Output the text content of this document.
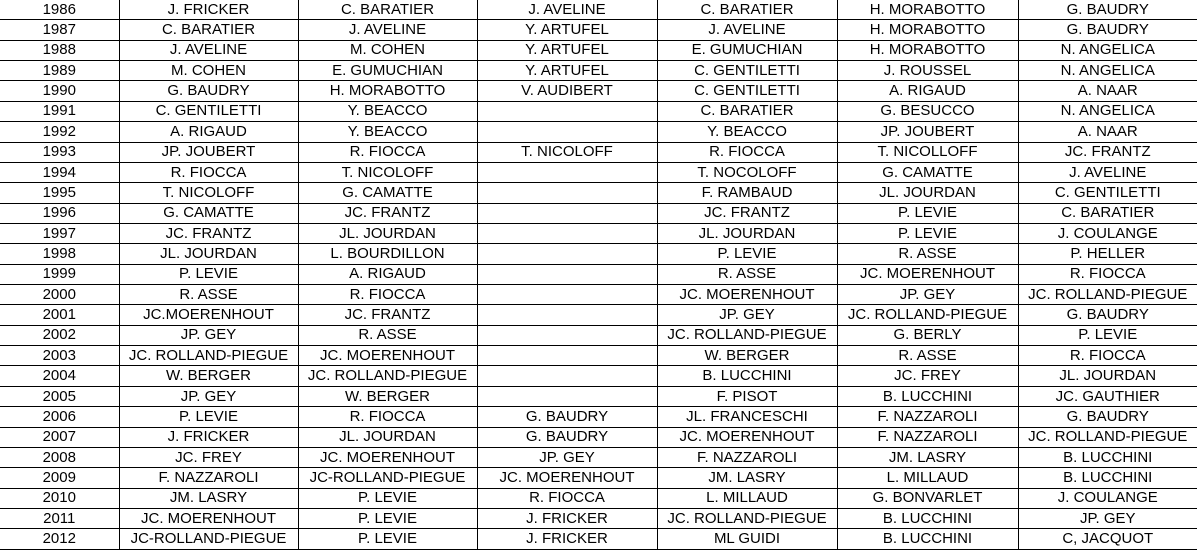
1986	J. FRICKER	C. BARATIER	J. AVELINE	C. BARATIER	H. MORABOTTO	G. BAUDRY
1987	C. BARATIER	J. AVELINE	Y. ARTUFEL	J. AVELINE	H. MORABOTTO	G. BAUDRY
1988	J. AVELINE	M. COHEN	Y. ARTUFEL	E. GUMUCHIAN	H. MORABOTTO	N. ANGELICA
1989	M. COHEN	E. GUMUCHIAN	Y. ARTUFEL	C. GENTILETTI	J. ROUSSEL	N. ANGELICA
1990	G. BAUDRY	H. MORABOTTO	V. AUDIBERT	C. GENTILETTI	A. RIGAUD	A. NAAR
1991	C. GENTILETTI	Y. BEACCO		C. BARATIER	G. BESUCCO	N. ANGELICA
1992	A. RIGAUD	Y. BEACCO		Y. BEACCO	JP. JOUBERT	A. NAAR
1993	JP. JOUBERT	R. FIOCCA	T. NICOLOFF	R. FIOCCA	T. NICOLLOFF	JC. FRANTZ
1994	R. FIOCCA	T. NICOLOFF		T. NOCOLOFF	G. CAMATTE	J. AVELINE
1995	T. NICOLOFF	G. CAMATTE		F. RAMBAUD	JL. JOURDAN	C. GENTILETTI
1996	G. CAMATTE	JC. FRANTZ		JC. FRANTZ	P. LEVIE	C. BARATIER
1997	JC. FRANTZ	JL. JOURDAN		JL. JOURDAN	P. LEVIE	J. COULANGE
1998	JL. JOURDAN	L. BOURDILLON		P. LEVIE	R. ASSE	P. HELLER
1999	P. LEVIE	A. RIGAUD		R. ASSE	JC. MOERENHOUT	R. FIOCCA
2000	R. ASSE	R. FIOCCA		JC. MOERENHOUT	JP. GEY	JC. ROLLAND-PIEGUE
2001	JC.MOERENHOUT	JC. FRANTZ		JP. GEY	JC. ROLLAND-PIEGUE	G. BAUDRY
2002	JP. GEY	R. ASSE		JC. ROLLAND-PIEGUE	G. BERLY	P. LEVIE
2003	JC. ROLLAND-PIEGUE	JC. MOERENHOUT		W. BERGER	R. ASSE	R. FIOCCA
2004	W. BERGER	JC. ROLLAND-PIEGUE		B. LUCCHINI	JC. FREY	JL. JOURDAN
2005	JP. GEY	W. BERGER		F. PISOT	B. LUCCHINI	JC. GAUTHIER
2006	P. LEVIE	R. FIOCCA	G. BAUDRY	JL. FRANCESCHI	F. NAZZAROLI	G. BAUDRY
2007	J. FRICKER	JL. JOURDAN	G. BAUDRY	JC. MOERENHOUT	F. NAZZAROLI	JC. ROLLAND-PIEGUE
2008	JC. FREY	JC. MOERENHOUT	JP. GEY	F. NAZZAROLI	JM. LASRY	B. LUCCHINI
2009	F. NAZZAROLI	JC-ROLLAND-PIEGUE	JC. MOERENHOUT	JM. LASRY	L. MILLAUD	B. LUCCHINI
2010	JM. LASRY	P. LEVIE	R. FIOCCA	L. MILLAUD	G. BONVARLET	J. COULANGE
2011	JC. MOERENHOUT	P. LEVIE	J. FRICKER	JC. ROLLAND-PIEGUE	B. LUCCHINI	JP. GEY
2012	JC-ROLLAND-PIEGUE	P. LEVIE	J. FRICKER	ML GUIDI	B. LUCCHINI	C, JACQUOT
